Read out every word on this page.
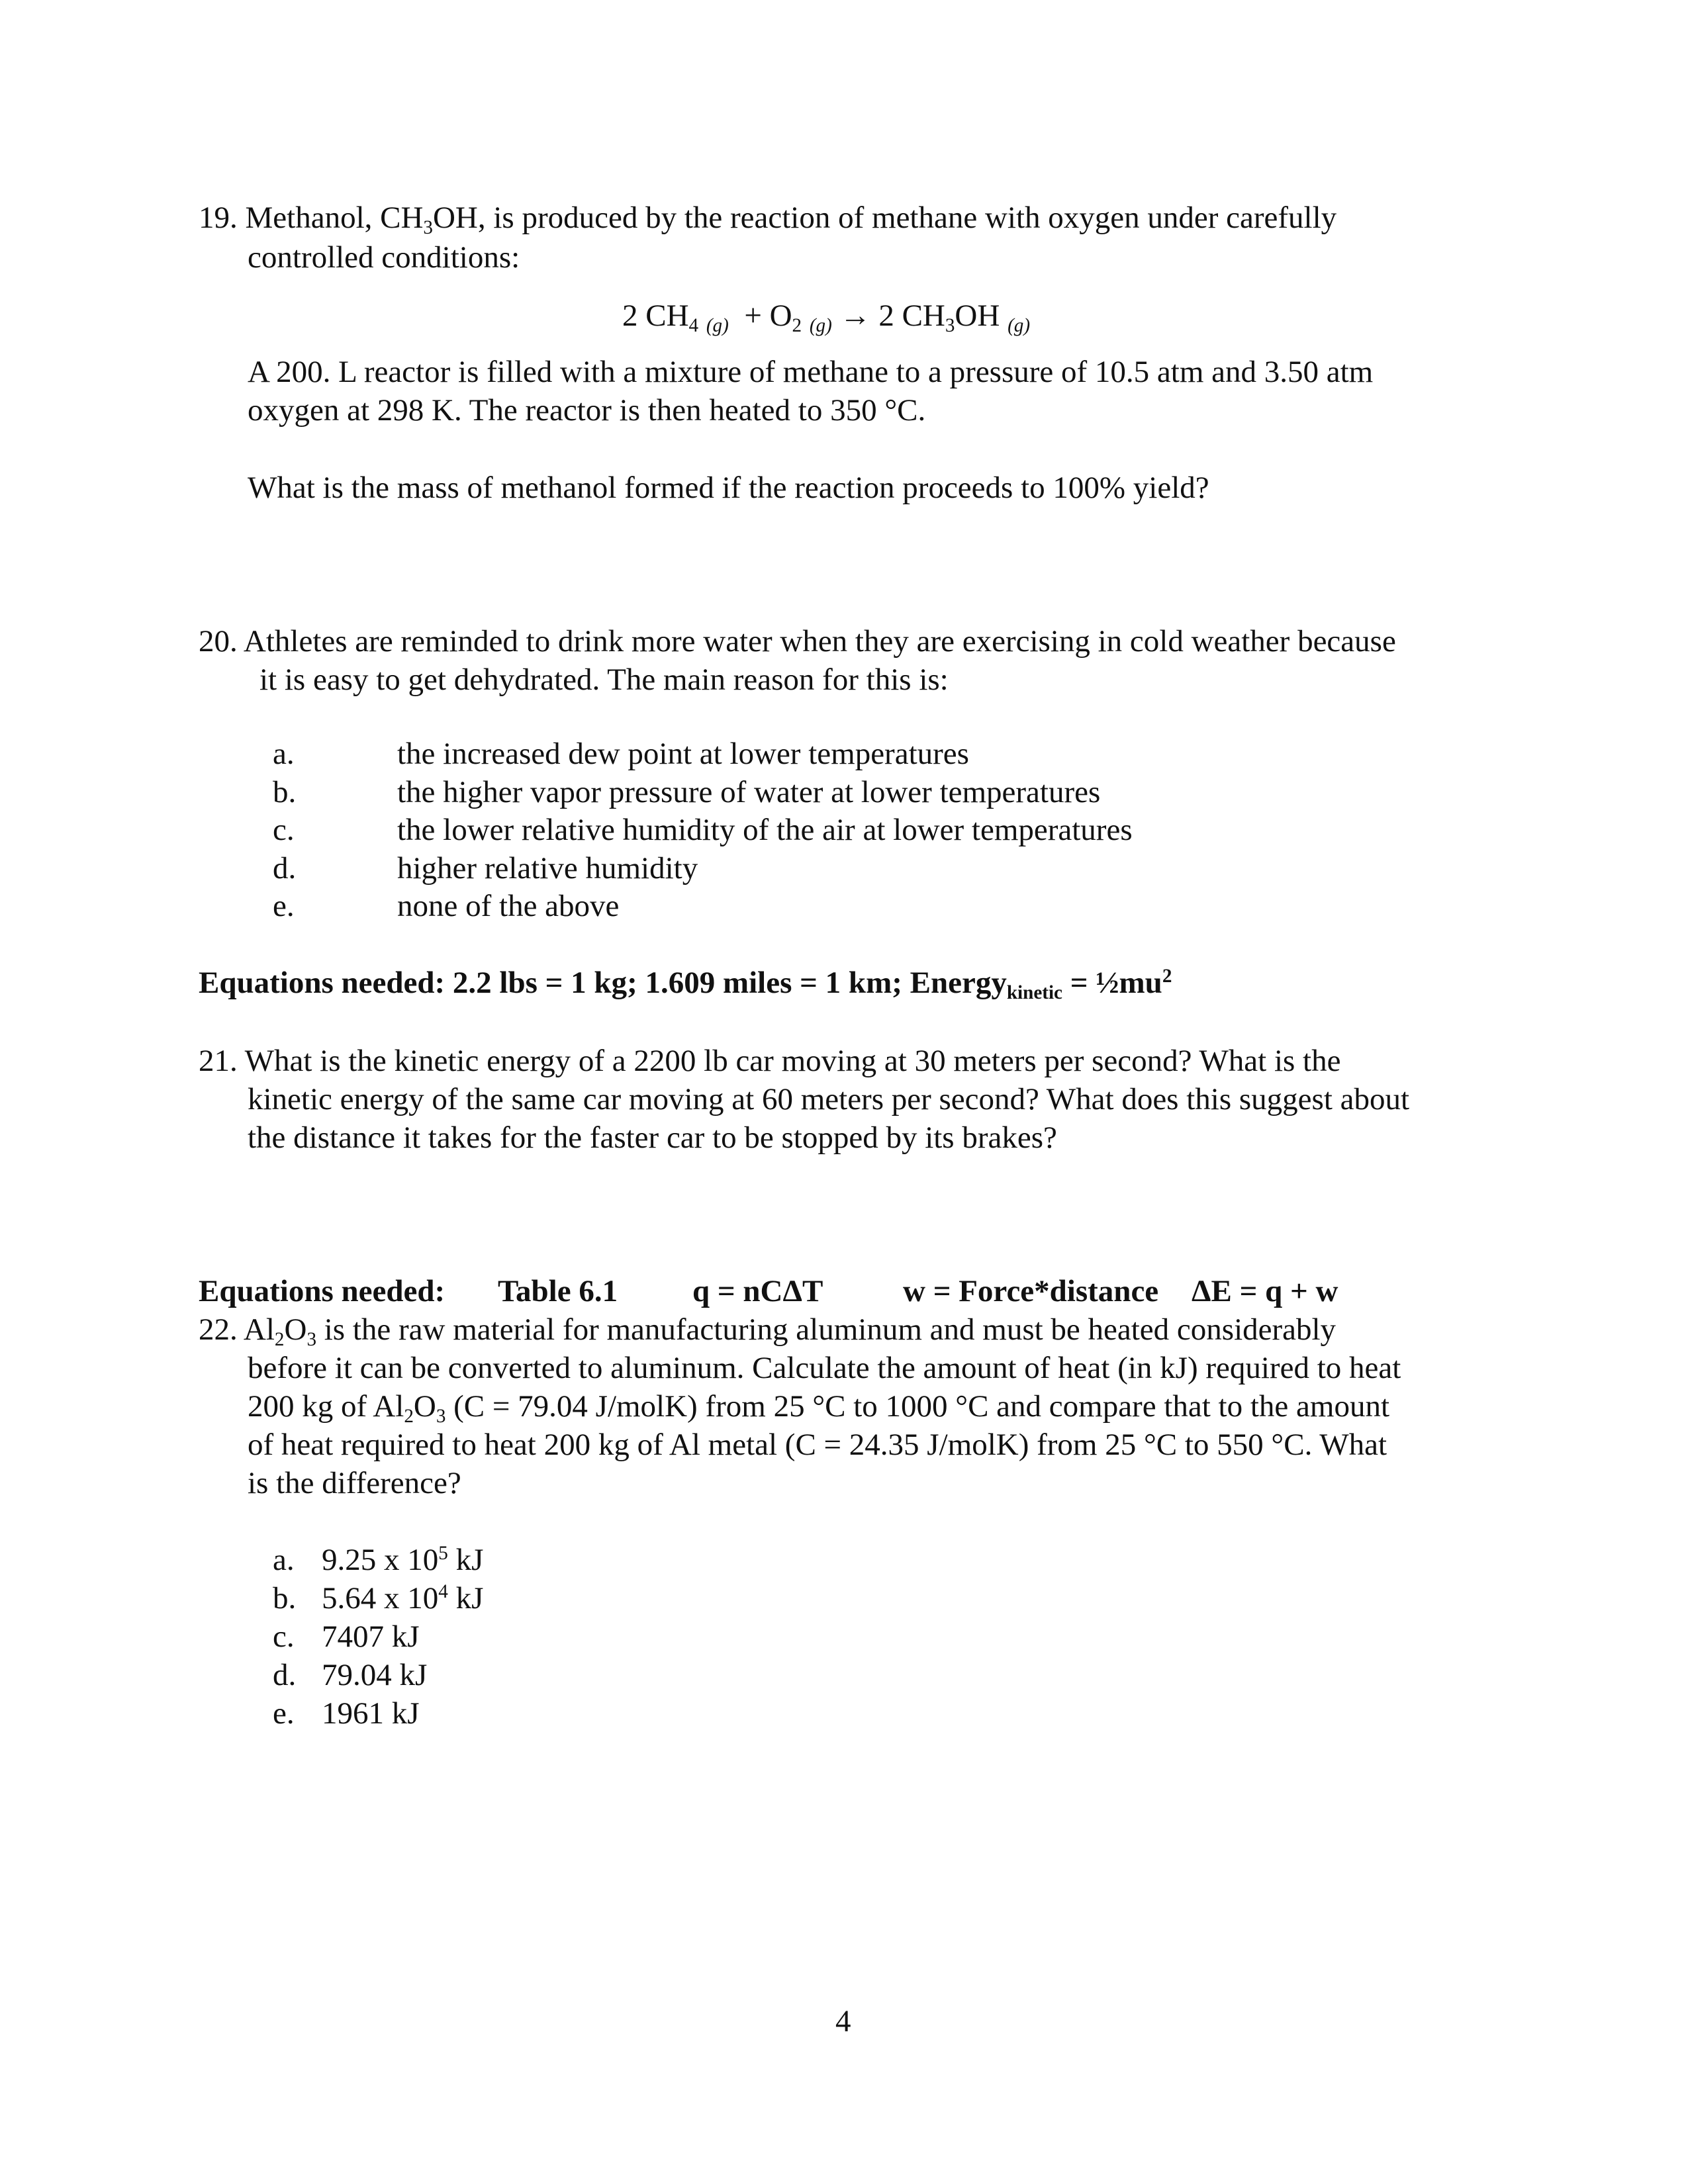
19. Methanol, $CH_3OH$, is produced by the reaction of methane with oxygen under carefully
controlled conditions:
2 $CH_4$ $_{(g)} + O_2$ $_{(g)}$ → 2 $CH_3OH$ $_{(g)}$
A 200. L reactor is filled with a mixture of methane to a pressure of 10.5 atm and 3.50 atm
oxygen at 298 K. The reactor is then heated to 350 °C.
What is the mass of methanol formed if the reaction proceeds to 100% yield?
20. Athletes are reminded to drink more water when they are exercising in cold weather because
it is easy to get dehydrated. The main reason for this is:
a.	the increased dew point at lower temperatures
b.	the higher vapor pressure of water at lower temperatures
c.	the lower relative humidity of the air at lower temperatures
d.	higher relative humidity
e.	none of the above
Equations needed: 2.2 lbs = 1 kg; 1.609 miles = 1 km; Energy$_{kinetic}$ = $\frac{1}{2}mu^2$
21. What is the kinetic energy of a 2200 lb car moving at 30 meters per second? What is the
kinetic energy of the same car moving at 60 meters per second? What does this suggest about
the distance it takes for the faster car to be stopped by its brakes?
Equations needed: Table 6.1 q = nCΔT	w = Force*distance ΔE = q + w
22. $Al_2O_3$ is the raw material for manufacturing aluminum and must be heated considerably
before it can be converted to aluminum. Calculate the amount of heat (in kJ) required to heat
200 kg of $Al_2O_3$ (C = 79.04 J/molK) from 25 °C to 1000 °C and compare that to the amount
of heat required to heat 200 kg of Al metal (C = 24.35 J/molK) from 25 °C to 550 °C. What
is the difference?
a. 9.25 x $10^5$ kJ
b. 5.64 x $10^4$ kJ
c. 7407 kJ
d. 79.04 kJ
e. 1961 kJ
4
